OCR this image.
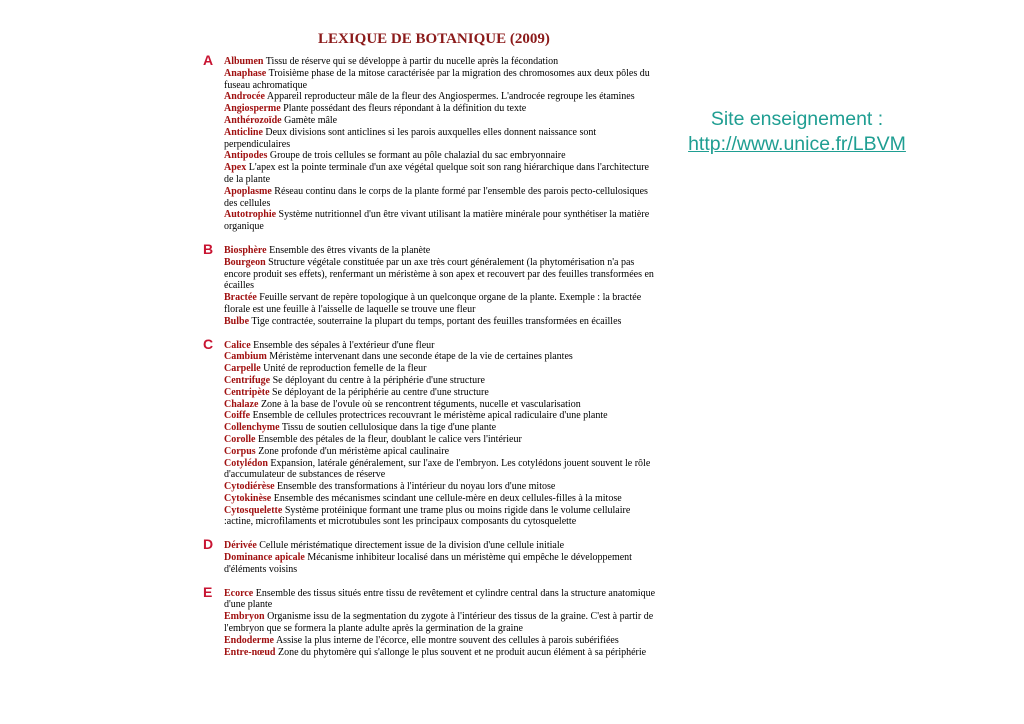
LEXIQUE DE BOTANIQUE (2009)
A Albumen Tissu de réserve qui se développe à partir du nucelle après la fécondation

Anaphase Troisième phase de la mitose caractérisée par la migration des chromosomes aux deux pôles du fuseau achromatique

Androcée Appareil reproducteur mâle de la fleur des Angiospermes. L'androcée regroupe les étamines

Angiosperme Plante possédant des fleurs répondant à la définition du texte

Anthérozoïde Gamète mâle

Anticline Deux divisions sont anticlines si les parois auxquelles elles donnent naissance sont perpendiculaires

Antipodes Groupe de trois cellules se formant au pôle chalazial du sac embryonnaire

Apex L'apex est la pointe terminale d'un axe végétal quelque soit son rang hiérarchique dans l'architecture de la plante

Apoplasme Réseau continu dans le corps de la plante formé par l'ensemble des parois pecto-cellulosiques des cellules

Autotrophie Système nutritionnel d'un être vivant utilisant la matière minérale pour synthétiser la matière organique

B Biosphère Ensemble des êtres vivants de la planète

Bourgeon Structure végétale constituée par un axe très court généralement (la phytomérisation n'a pas encore produit ses effets), renfermant un méristème à son apex et recouvert par des feuilles transformées en écailles

Bractée Feuille servant de repère topologique à un quelconque organe de la plante. Exemple : la bractée florale est une feuille à l'aisselle de laquelle se trouve une fleur

Bulbe Tige contractée, souterraine la plupart du temps, portant des feuilles transformées en écailles

C Calice Ensemble des sépales à l'extérieur d'une fleur

Cambium Méristème intervenant dans une seconde étape de la vie de certaines plantes

Carpelle Unité de reproduction femelle de la fleur

Centrifuge Se déployant du centre à la périphérie d'une structure

Centripète Se déployant de la périphérie au centre d'une structure

Chalaze Zone à la base de l'ovule où se rencontrent téguments, nucelle et vascularisation

Coiffe Ensemble de cellules protectrices recouvrant le méristème apical radiculaire d'une plante

Collenchyme Tissu de soutien cellulosique dans la tige d'une plante

Corolle Ensemble des pétales de la fleur, doublant le calice vers l'intérieur

Corpus Zone profonde d'un méristème apical caulinaire

Cotylédon Expansion, latérale généralement, sur l'axe de l'embryon. Les cotylédons jouent souvent le rôle d'accumulateur de substances de réserve

Cytodiérèse Ensemble des transformations à l'intérieur du noyau lors d'une mitose

Cytokinèse Ensemble des mécanismes scindant une cellule-mère en deux cellules-filles à la mitose

Cytosquelette Système protéinique formant une trame plus ou moins rigide dans le volume cellulaire :actine, microfilaments et microtubules sont les principaux composants du cytosquelette

D Dérivée Cellule méristématique directement issue de la division d'une cellule initiale

Dominance apicale Mécanisme inhibiteur localisé dans un méristème qui empêche le développement d'éléments voisins

E Ecorce Ensemble des tissus situés entre tissu de revêtement et cylindre central dans la structure anatomique d'une plante

Embryon Organisme issu de la segmentation du zygote à l'intérieur des tissus de la graine. C'est à partir de l'embryon que se formera la plante adulte après la germination de la graine

Endoderme Assise la plus interne de l'écorce, elle montre souvent des cellules à parois subérifiées

Entre-nœud Zone du phytomère qui s'allonge le plus souvent et ne produit aucun élément à sa périphérie

Site enseignement :
http://www.unice.fr/LBVM
